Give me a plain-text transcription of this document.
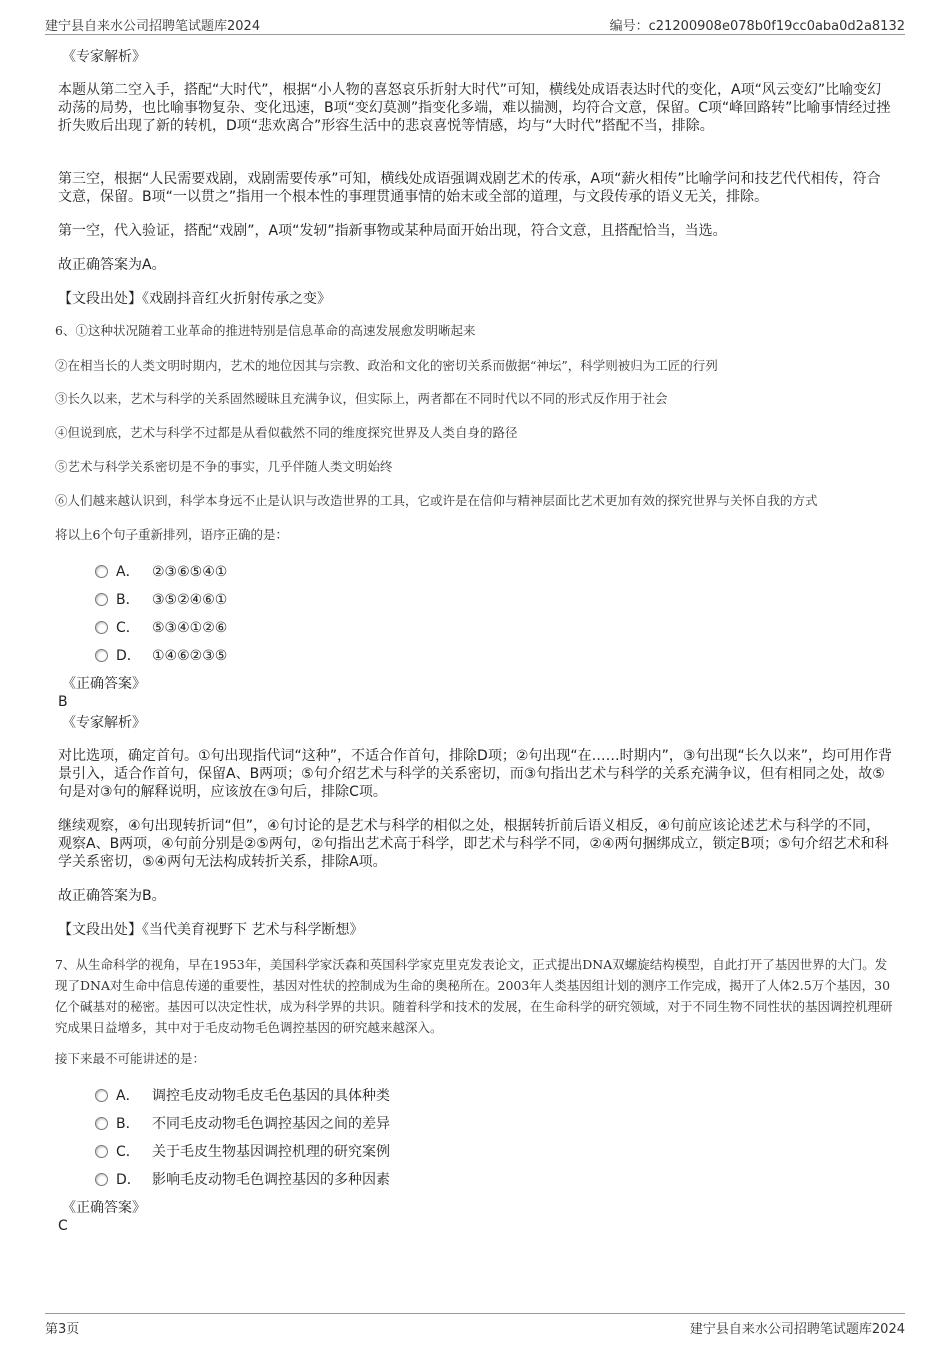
建宁县自来水公司招聘笔试题库2024	编号：c21200908e078b0f19cc0aba0d2a8132
《专家解析》
本题从第二空入手，搭配“大时代”，根据“小人物的喜怒哀乐折射大时代”可知，横线处成语表达时代的变化，A项“风云变幻”比喻变幻动荡的局势，也比喻事物复杂、变化迅速，B项“变幻莫测”指变化多端，难以揣测，均符合文意，保留。C项“峰回路转”比喻事情经过挫折失败后出现了新的转机，D项“悲欢离合”形容生活中的悲哀喜悦等情感，均与“大时代”搭配不当，排除。
第三空，根据“人民需要戏剧，戏剧需要传承”可知，横线处成语强调戏剧艺术的传承，A项“薪火相传”比喻学问和技艺代代相传，符合文意，保留。B项“一以贯之”指用一个根本性的事理贯通事情的始末或全部的道理，与文段传承的语义无关，排除。
第一空，代入验证，搭配“戏剧”，A项“发轫”指新事物或某种局面开始出现，符合文意，且搭配恰当，当选。
故正确答案为A。
【文段出处】《戏剧抖音红火折射传承之变》
6、①这种状况随着工业革命的推进特别是信息革命的高速发展愈发明晰起来
②在相当长的人类文明时期内，艺术的地位因其与宗教、政治和文化的密切关系而傲据“神坛”，科学则被归为工匠的行列
③长久以来，艺术与科学的关系固然暧昧且充满争议，但实际上，两者都在不同时代以不同的形式反作用于社会
④但说到底，艺术与科学不过都是从看似截然不同的维度探究世界及人类自身的路径
⑤艺术与科学关系密切是不争的事实，几乎伴随人类文明始终
⑥人们越来越认识到，科学本身远不止是认识与改造世界的工具，它或许是在信仰与精神层面比艺术更加有效的探究世界与关怀自我的方式
将以上6个句子重新排列，语序正确的是：
A． ②③⑥⑤④①
B． ③⑤②④⑥①
C． ⑤③④①②⑥
D． ①④⑥②③⑤
《正确答案》
B
《专家解析》
对比选项，确定首句。①句出现指代词“这种”，不适合作首句，排除D项；②句出现“在……时期内”，③句出现“长久以来”，均可用作背景引入，适合作首句，保留A、B两项；⑤句介绍艺术与科学的关系密切，而③句指出艺术与科学的关系充满争议，但有相同之处，故⑤句是对③句的解释说明，应该放在③句后，排除C项。
继续观察，④句出现转折词“但”，④句讨论的是艺术与科学的相似之处，根据转折前后语义相反，④句前应该论述艺术与科学的不同，观察A、B两项，④句前分别是②⑤两句，②句指出艺术高于科学，即艺术与科学不同，②④两句捆绑成立，锁定B项；⑤句介绍艺术和科学关系密切，⑤④两句无法构成转折关系，排除A项。
故正确答案为B。
【文段出处】《当代美育视野下 艺术与科学断想》
7、从生命科学的视角，早在1953年，美国科学家沃森和英国科学家克里克发表论文，正式提出DNA双螺旋结构模型，自此打开了基因世界的大门。发现了DNA对生命中信息传递的重要性，基因对性状的控制成为生命的奥秘所在。2003年人类基因组计划的测序工作完成，揭开了人体2.5万个基因，30亿个碱基对的秘密。基因可以决定性状，成为科学界的共识。随着科学和技术的发展，在生命科学的研究领域，对于不同生物不同性状的基因调控机理研究成果日益增多，其中对于毛皮动物毛色调控基因的研究越来越深入。
接下来最不可能讲述的是：
A． 调控毛皮动物毛皮毛色基因的具体种类
B． 不同毛皮动物毛色调控基因之间的差异
C． 关于毛皮生物基因调控机理的研究案例
D． 影响毛皮动物毛色调控基因的多种因素
《正确答案》
C
第3页	建宁县自来水公司招聘笔试题库2024
